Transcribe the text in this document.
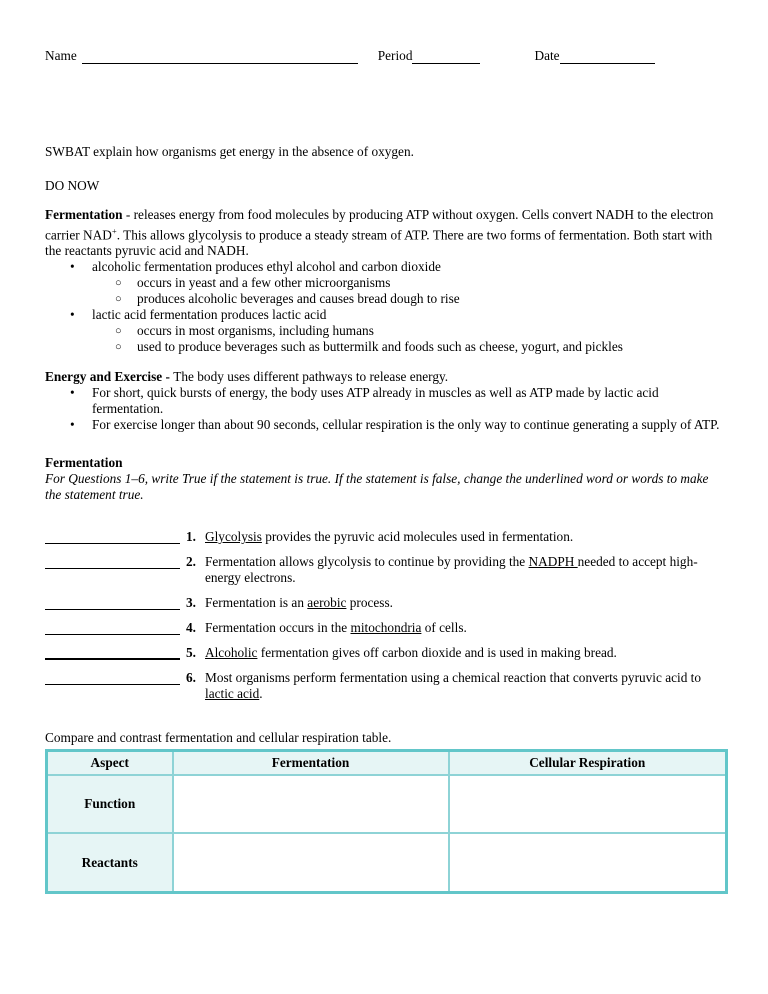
Name	Period	Date
SWBAT explain how organisms get energy in the absence of oxygen.
DO NOW
Fermentation - releases energy from food molecules by producing ATP without oxygen. Cells convert NADH to the electron carrier NAD+. This allows glycolysis to produce a steady stream of ATP. There are two forms of fermentation. Both start with the reactants pyruvic acid and NADH.
•	alcoholic fermentation produces ethyl alcohol and carbon dioxide
○	occurs in yeast and a few other microorganisms
○	produces alcoholic beverages and causes bread dough to rise
•	lactic acid fermentation produces lactic acid
○	occurs in most organisms, including humans
○	used to produce beverages such as buttermilk and foods such as cheese, yogurt, and pickles
Energy and Exercise - The body uses different pathways to release energy.
•	For short, quick bursts of energy, the body uses ATP already in muscles as well as ATP made by lactic acid fermentation.
•	For exercise longer than about 90 seconds, cellular respiration is the only way to continue generating a supply of ATP.
Fermentation
For Questions 1–6, write True if the statement is true. If the statement is false, change the underlined word or words to make the statement true.
1. Glycolysis provides the pyruvic acid molecules used in fermentation.
2. Fermentation allows glycolysis to continue by providing the NADPH needed to accept high-energy electrons.
3. Fermentation is an aerobic process.
4. Fermentation occurs in the mitochondria of cells.
5. Alcoholic fermentation gives off carbon dioxide and is used in making bread.
6. Most organisms perform fermentation using a chemical reaction that converts pyruvic acid to lactic acid.
Compare and contrast fermentation and cellular respiration table.
Aspect	Fermentation	Cellular Respiration
Function		
Reactants		
